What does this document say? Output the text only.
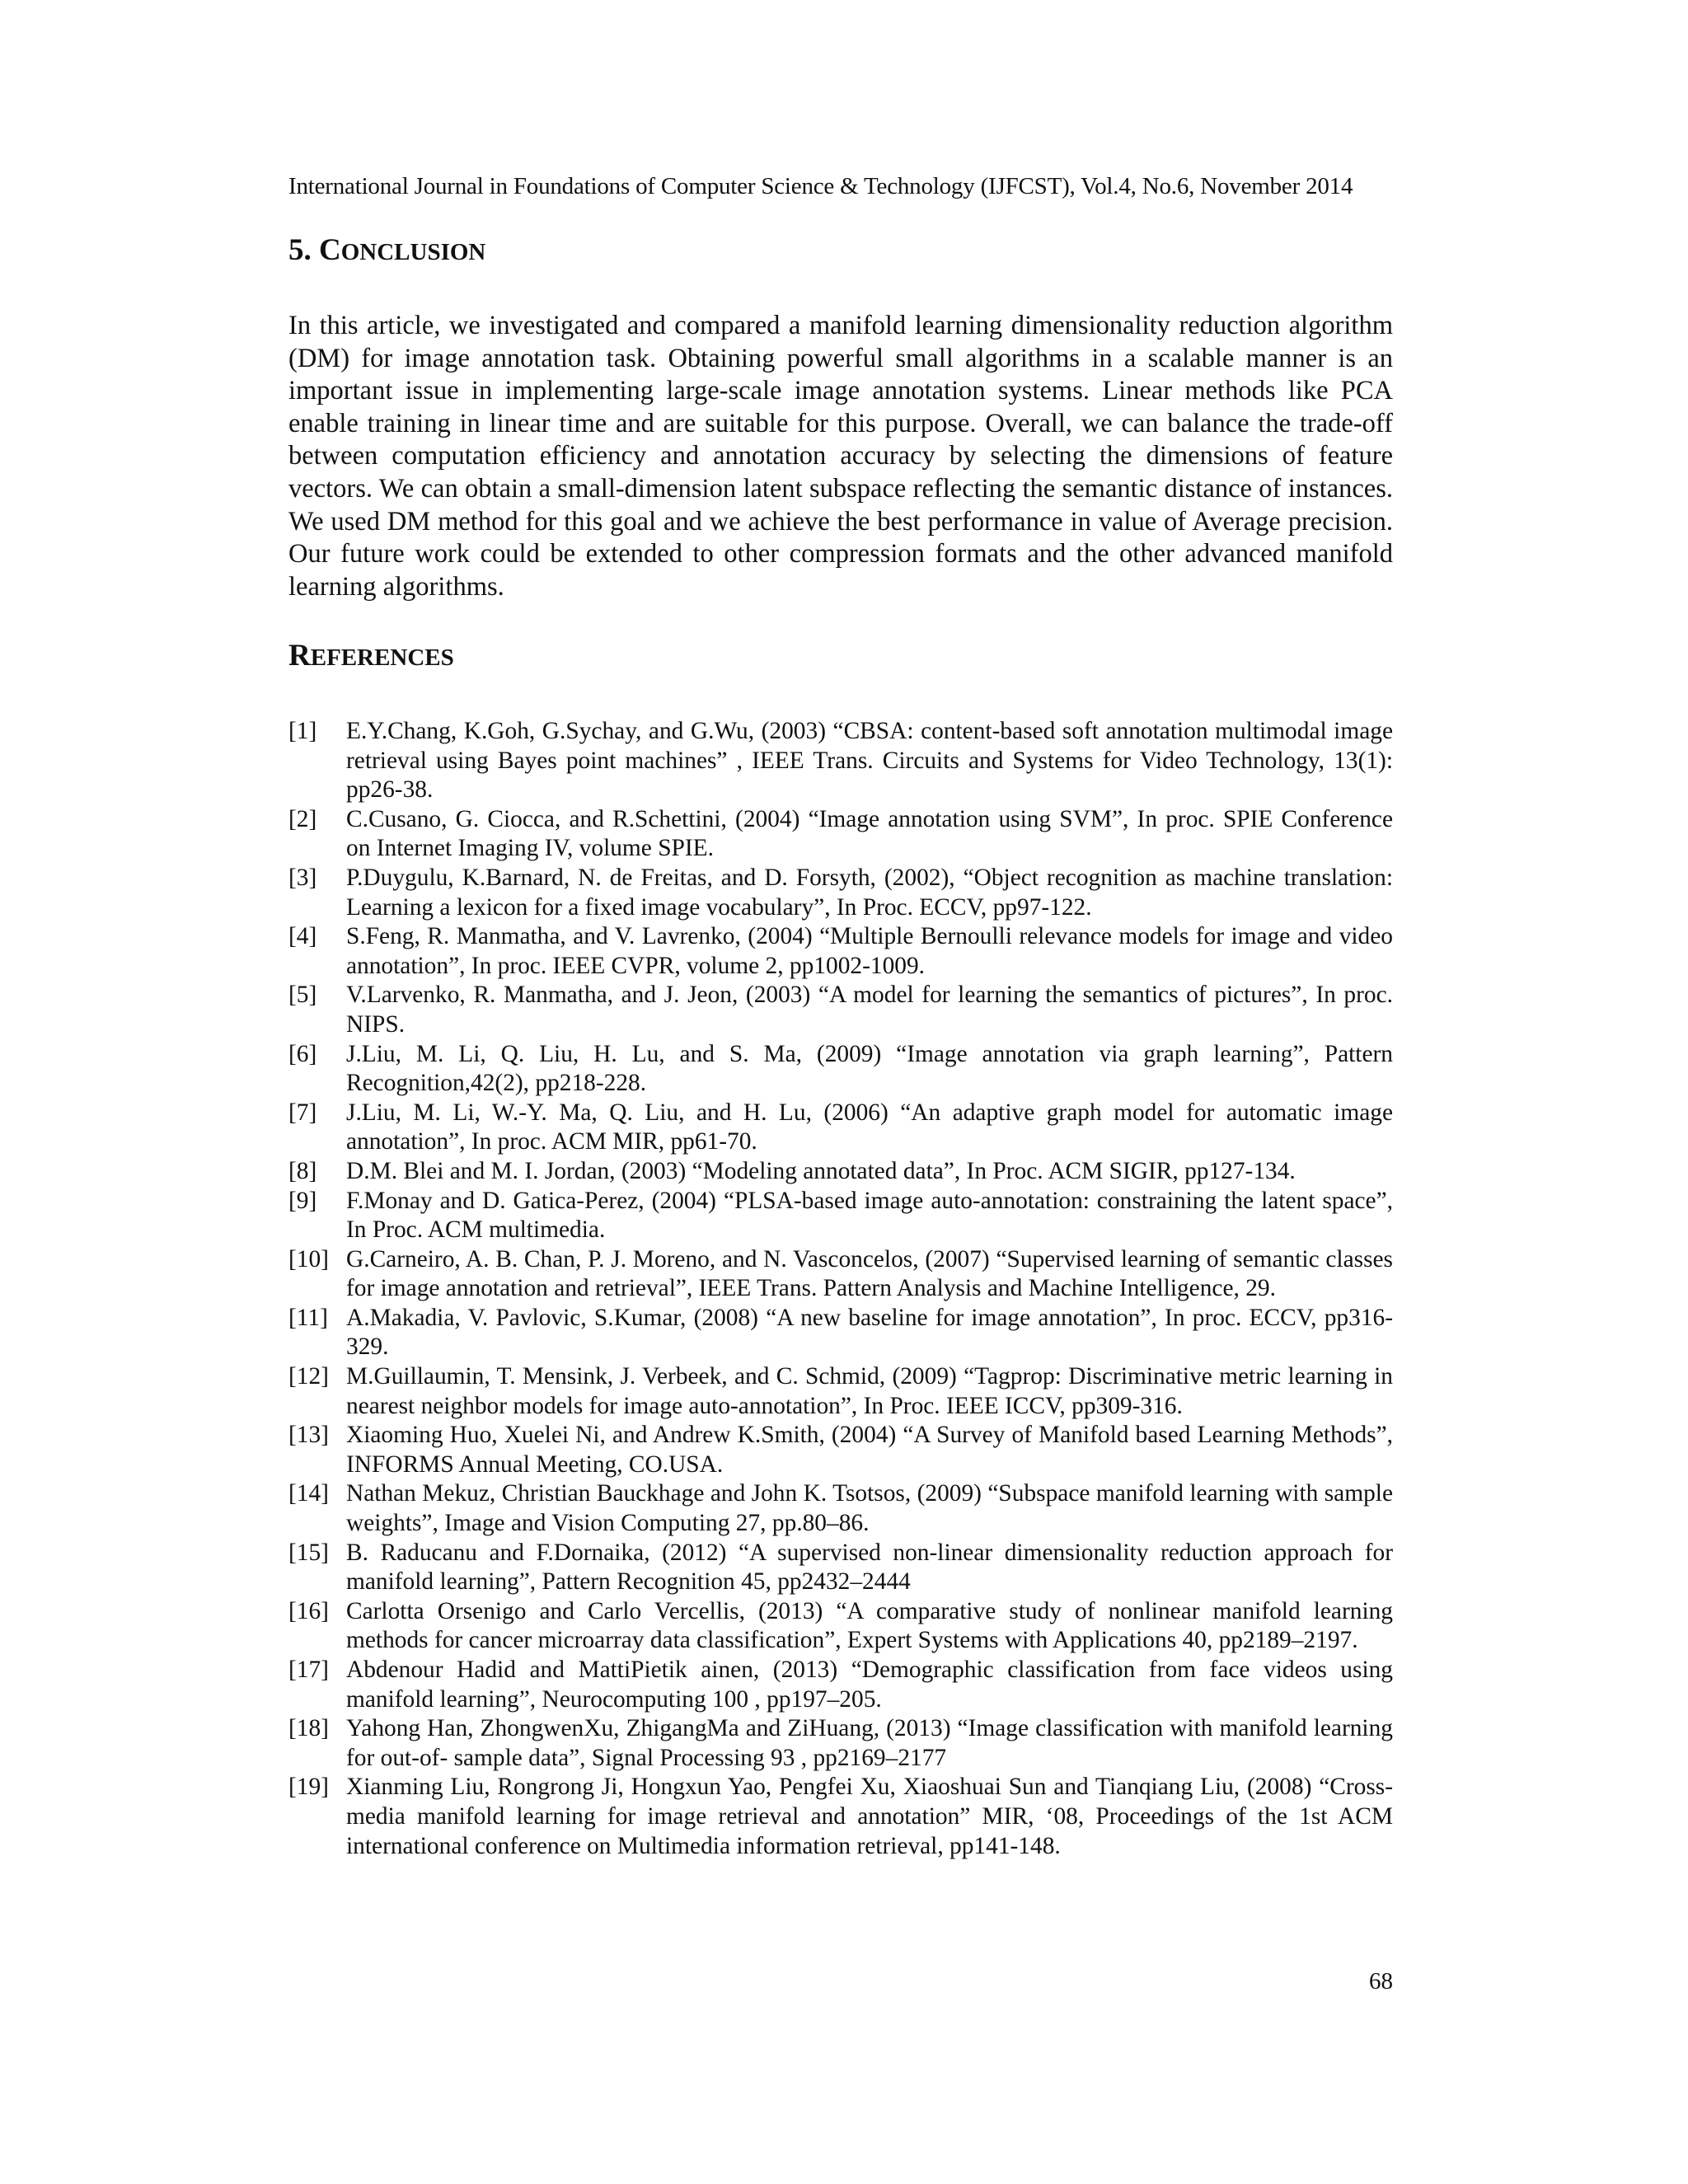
International Journal in Foundations of Computer Science & Technology (IJFCST), Vol.4, No.6, November 2014
5. CONCLUSION

In this article, we investigated and compared a manifold learning dimensionality reduction algorithm (DM) for image annotation task. Obtaining powerful small algorithms in a scalable manner is an important issue in implementing large-scale image annotation systems. Linear methods like PCA enable training in linear time and are suitable for this purpose. Overall, we can balance the trade-off between computation efficiency and annotation accuracy by selecting the dimensions of feature vectors. We can obtain a small-dimension latent subspace reflecting the semantic distance of instances. We used DM method for this goal and we achieve the best performance in value of Average precision. Our future work could be extended to other compression formats and the other advanced manifold learning algorithms.

REFERENCES
[1]	E.Y.Chang, K.Goh, G.Sychay, and G.Wu, (2003) “CBSA: content-based soft annotation multimodal image retrieval using Bayes point machines” , IEEE Trans. Circuits and Systems for Video Technology, 13(1): pp26-38.
[2]	C.Cusano, G. Ciocca, and R.Schettini, (2004) “Image annotation using SVM”, In proc. SPIE Conference on Internet Imaging IV, volume SPIE.
[3]	P.Duygulu, K.Barnard, N. de Freitas, and D. Forsyth, (2002), “Object recognition as machine translation: Learning a lexicon for a fixed image vocabulary”, In Proc. ECCV, pp97-122.
[4]	S.Feng, R. Manmatha, and V. Lavrenko, (2004) “Multiple Bernoulli relevance models for image and video annotation”, In proc. IEEE CVPR, volume 2, pp1002-1009.
[5]	V.Larvenko, R. Manmatha, and J. Jeon, (2003) “A model for learning the semantics of pictures”, In proc. NIPS.
[6]	J.Liu, M. Li, Q. Liu, H. Lu, and S. Ma, (2009) “Image annotation via graph learning”, Pattern Recognition,42(2), pp218-228.
[7]	J.Liu, M. Li, W.-Y. Ma, Q. Liu, and H. Lu, (2006) “An adaptive graph model for automatic image annotation”, In proc. ACM MIR, pp61-70.
[8]	D.M. Blei and M. I. Jordan, (2003) “Modeling annotated data”, In Proc. ACM SIGIR, pp127-134.
[9]	F.Monay and D. Gatica-Perez, (2004) “PLSA-based image auto-annotation: constraining the latent space”, In Proc. ACM multimedia.
[10] G.Carneiro, A. B. Chan, P. J. Moreno, and N. Vasconcelos, (2007) “Supervised learning of semantic classes for image annotation and retrieval”, IEEE Trans. Pattern Analysis and Machine Intelligence, 29.
[11] A.Makadia, V. Pavlovic, S.Kumar, (2008) “A new baseline for image annotation”, In proc. ECCV, pp316-329.
[12] M.Guillaumin, T. Mensink, J. Verbeek, and C. Schmid, (2009) “Tagprop: Discriminative metric learning in nearest neighbor models for image auto-annotation”, In Proc. IEEE ICCV, pp309-316.
[13] Xiaoming Huo, Xuelei Ni, and Andrew K.Smith, (2004) “A Survey of Manifold based Learning Methods”, INFORMS Annual Meeting, CO.USA.
[14] Nathan Mekuz, Christian Bauckhage and John K. Tsotsos, (2009) “Subspace manifold learning with sample weights”, Image and Vision Computing 27, pp.80–86.
[15] B. Raducanu and F.Dornaika, (2012) “A supervised non-linear dimensionality reduction approach for manifold learning”, Pattern Recognition 45, pp2432–2444
[16] Carlotta Orsenigo and Carlo Vercellis, (2013) “A comparative study of nonlinear manifold learning methods for cancer microarray data classification”, Expert Systems with Applications 40, pp2189–2197.
[17] Abdenour Hadid and MattiPietik ainen, (2013) “Demographic classification from face videos using manifold learning”, Neurocomputing 100 , pp197–205.
[18] Yahong Han, ZhongwenXu, ZhigangMa and ZiHuang, (2013) “Image classification with manifold learning for out-of- sample data”, Signal Processing 93 , pp2169–2177
[19] Xianming Liu, Rongrong Ji, Hongxun Yao, Pengfei Xu, Xiaoshuai Sun and Tianqiang Liu, (2008) “Cross-media manifold learning for image retrieval and annotation” MIR, ‘08, Proceedings of the 1st ACM international conference on Multimedia information retrieval, pp141-148.
68
